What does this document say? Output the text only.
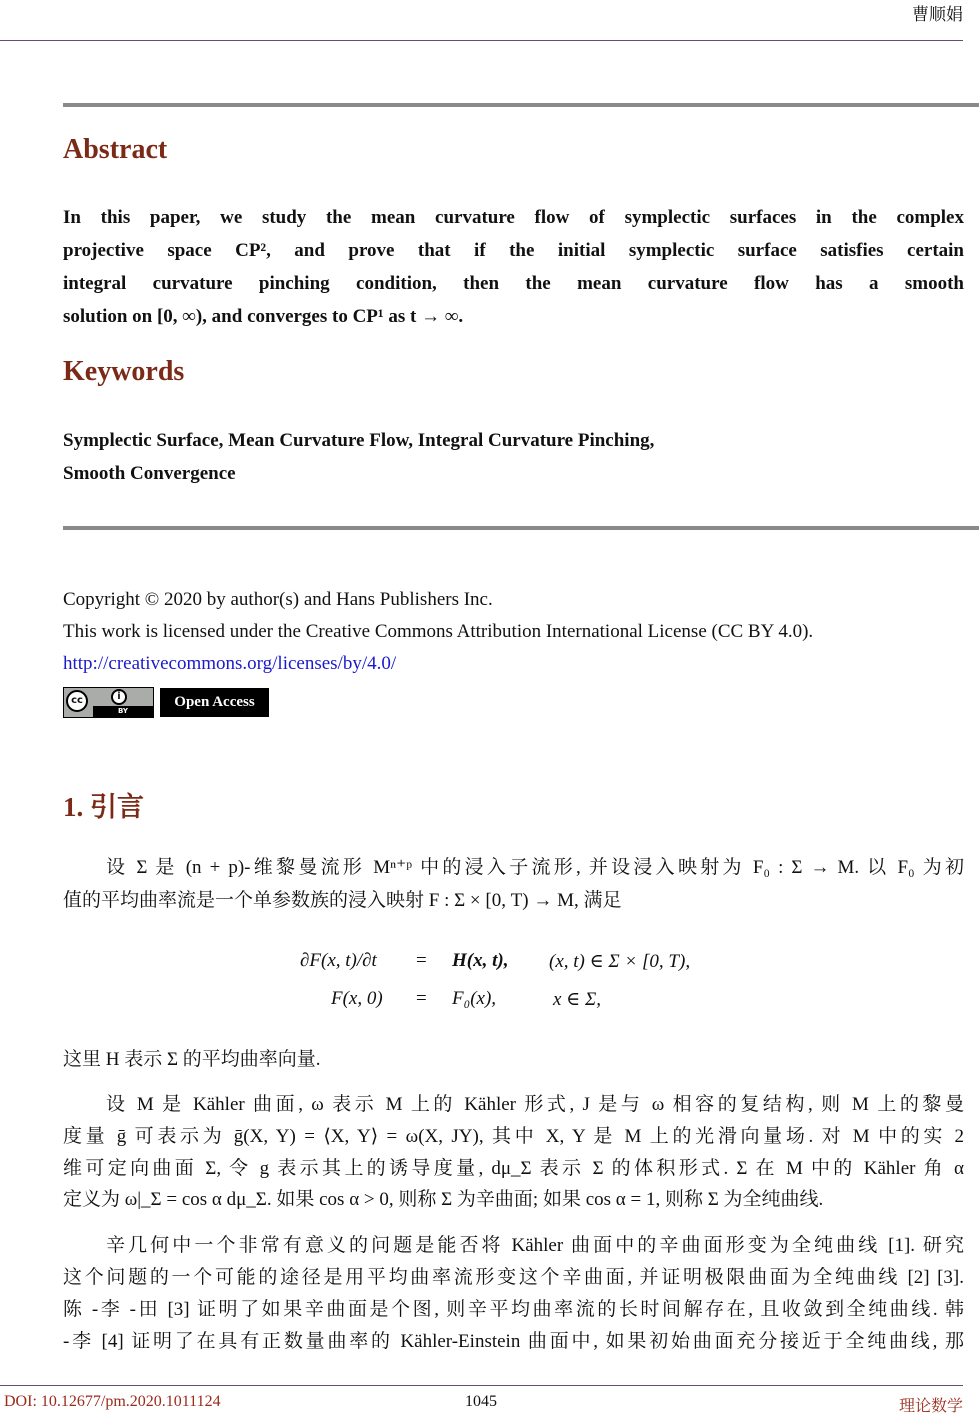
曹顺娟
Abstract
In this paper, we study the mean curvature flow of symplectic surfaces in the complex
projective space CP², and prove that if the initial symplectic surface satisfies certain
integral curvature pinching condition, then the mean curvature flow has a smooth
solution on [0, ∞), and converges to CP¹ as t → ∞.
Keywords
Symplectic Surface, Mean Curvature Flow, Integral Curvature Pinching,
Smooth Convergence
Copyright © 2020 by author(s) and Hans Publishers Inc.
This work is licensed under the Creative Commons Attribution International License (CC BY 4.0).
http://creativecommons.org/licenses/by/4.0/
cc	i
BY
Open Access
1. 引言
设 Σ 是 (n + p)-维黎曼流形 Mⁿ⁺ᵖ 中的浸入子流形, 并设浸入映射为 F₀ : Σ → M. 以 F₀ 为初
值的平均曲率流是一个单参数族的浸入映射 F : Σ × [0, T) → M, 满足
∂F(x, t)/∂t = H(x, t), (x, t) ∈ Σ × [0, T),
F(x, 0) = F₀(x),	x ∈ Σ,
这里 H 表示 Σ 的平均曲率向量.
设 M 是 Kähler 曲面, ω 表示 M 上的 Kähler 形式, J 是与 ω 相容的复结构, 则 M 上的黎曼
度量 ḡ 可表示为 ḡ(X, Y) = ⟨X, Y⟩ = ω(X, JY), 其中 X, Y 是 M 上的光滑向量场. 对 M 中的实 2
维可定向曲面 Σ, 令 g 表示其上的诱导度量, dμ_Σ 表示 Σ 的体积形式. Σ 在 M 中的 Kähler 角 α
定义为 ω|_Σ = cos α dμ_Σ. 如果 cos α > 0, 则称 Σ 为辛曲面; 如果 cos α = 1, 则称 Σ 为全纯曲线.
辛几何中一个非常有意义的问题是能否将 Kähler 曲面中的辛曲面形变为全纯曲线 [1]. 研究
这个问题的一个可能的途径是用平均曲率流形变这个辛曲面, 并证明极限曲面为全纯曲线 [2] [3].
陈 -李 -田 [3] 证明了如果辛曲面是个图, 则辛平均曲率流的长时间解存在, 且收敛到全纯曲线. 韩
-李 [4] 证明了在具有正数量曲率的 Kähler-Einstein 曲面中, 如果初始曲面充分接近于全纯曲线, 那
DOI: 10.12677/pm.2020.1011124	1045	理论数学
